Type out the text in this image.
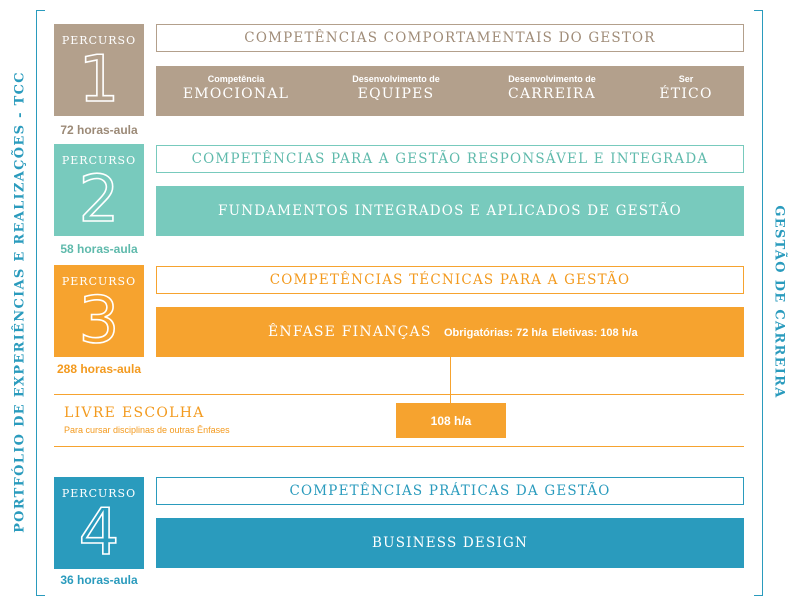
PORTFÓLIO DE EXPERIÊNCIAS E REALIZAÇÕES - TCC	GESTÃO DE CARREIRA
PERCURSO
1
72 horas-aula
COMPETÊNCIAS COMPORTAMENTAIS DO GESTOR
Competência
EMOCIONAL
Desenvolvimento de
EQUIPES
Desenvolvimento de
CARREIRA
Ser
ÉTICO
PERCURSO
2
58 horas-aula
COMPETÊNCIAS PARA A GESTÃO RESPONSÁVEL E INTEGRADA
FUNDAMENTOS INTEGRADOS E APLICADOS DE GESTÃO
PERCURSO
3
288 horas-aula
COMPETÊNCIAS TÉCNICAS PARA A GESTÃO
ÊNFASE FINANÇAS Obrigatórias: 72 h/a Eletivas: 108 h/a
LIVRE ESCOLHA
Para cursar disciplinas de outras Ênfases
108 h/a
PERCURSO
4
36 horas-aula
COMPETÊNCIAS PRÁTICAS DA GESTÃO
BUSINESS DESIGN
